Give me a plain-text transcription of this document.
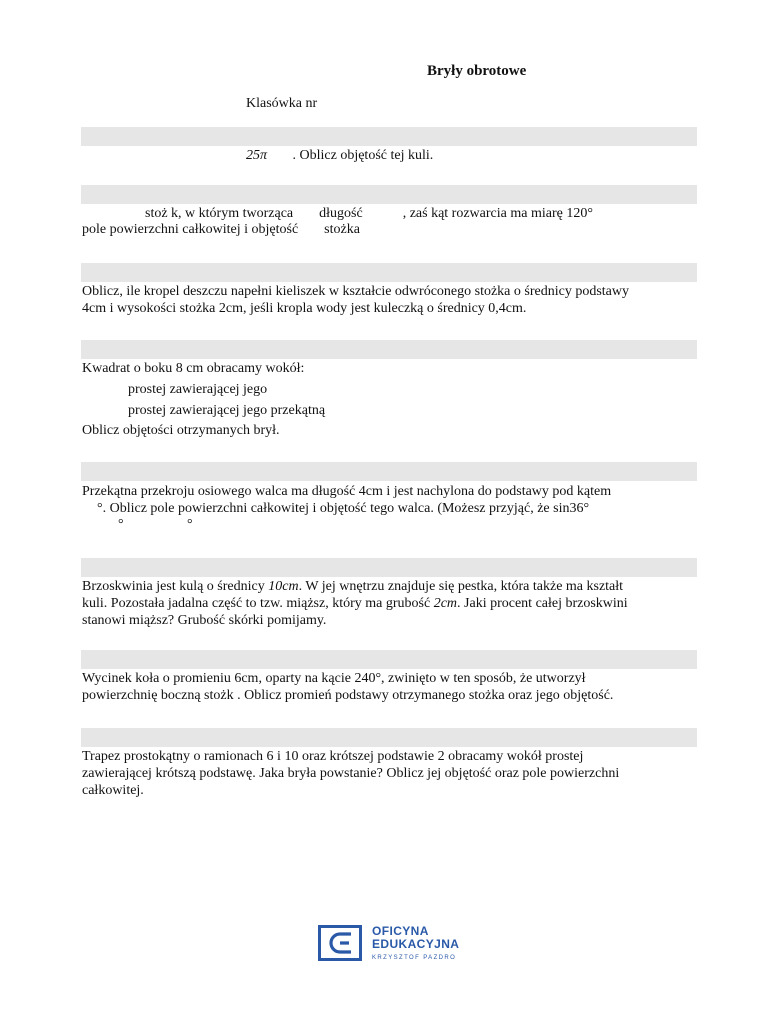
Bryły obrotowe
Klasówka nr
25π . Oblicz objętość tej kuli.
stoż k, w którym tworząca długość	, zaś kąt rozwarcia ma miarę 120°
pole powierzchni całkowitej i objętość stożka
Oblicz, ile kropel deszczu napełni kieliszek w kształcie odwróconego stożka o średnicy podstawy
4cm i wysokości stożka 2cm, jeśli kropla wody jest kuleczką o średnicy 0,4cm.
Kwadrat o boku 8 cm obracamy wokół:
prostej zawierającej jego
prostej zawierającej jego przekątną
Oblicz objętości otrzymanych brył.
Przekątna przekroju osiowego walca ma długość 4cm i jest nachylona do podstawy pod kątem
°. Oblicz pole powierzchni całkowitej i objętość tego walca. (Możesz przyjąć, że sin36°
°	°
Brzoskwinia jest kulą o średnicy 10cm. W jej wnętrzu znajduje się pestka, która także ma kształt
kuli. Pozostała jadalna część to tzw. miąższ, który ma grubość 2cm. Jaki procent całej brzoskwini
stanowi miąższ? Grubość skórki pomijamy.
Wycinek koła o promieniu 6cm, oparty na kącie 240°, zwinięto w ten sposób, że utworzył
powierzchnię boczną stożk . Oblicz promień podstawy otrzymanego stożka oraz jego objętość.
Trapez prostokątny o ramionach 6 i 10 oraz krótszej podstawie 2 obracamy wokół prostej
zawierającej krótszą podstawę. Jaka bryła powstanie? Oblicz jej objętość oraz pole powierzchni
całkowitej.
OFICYNA
EDUKACYJNA
KRZYSZTOF PAZDRO
